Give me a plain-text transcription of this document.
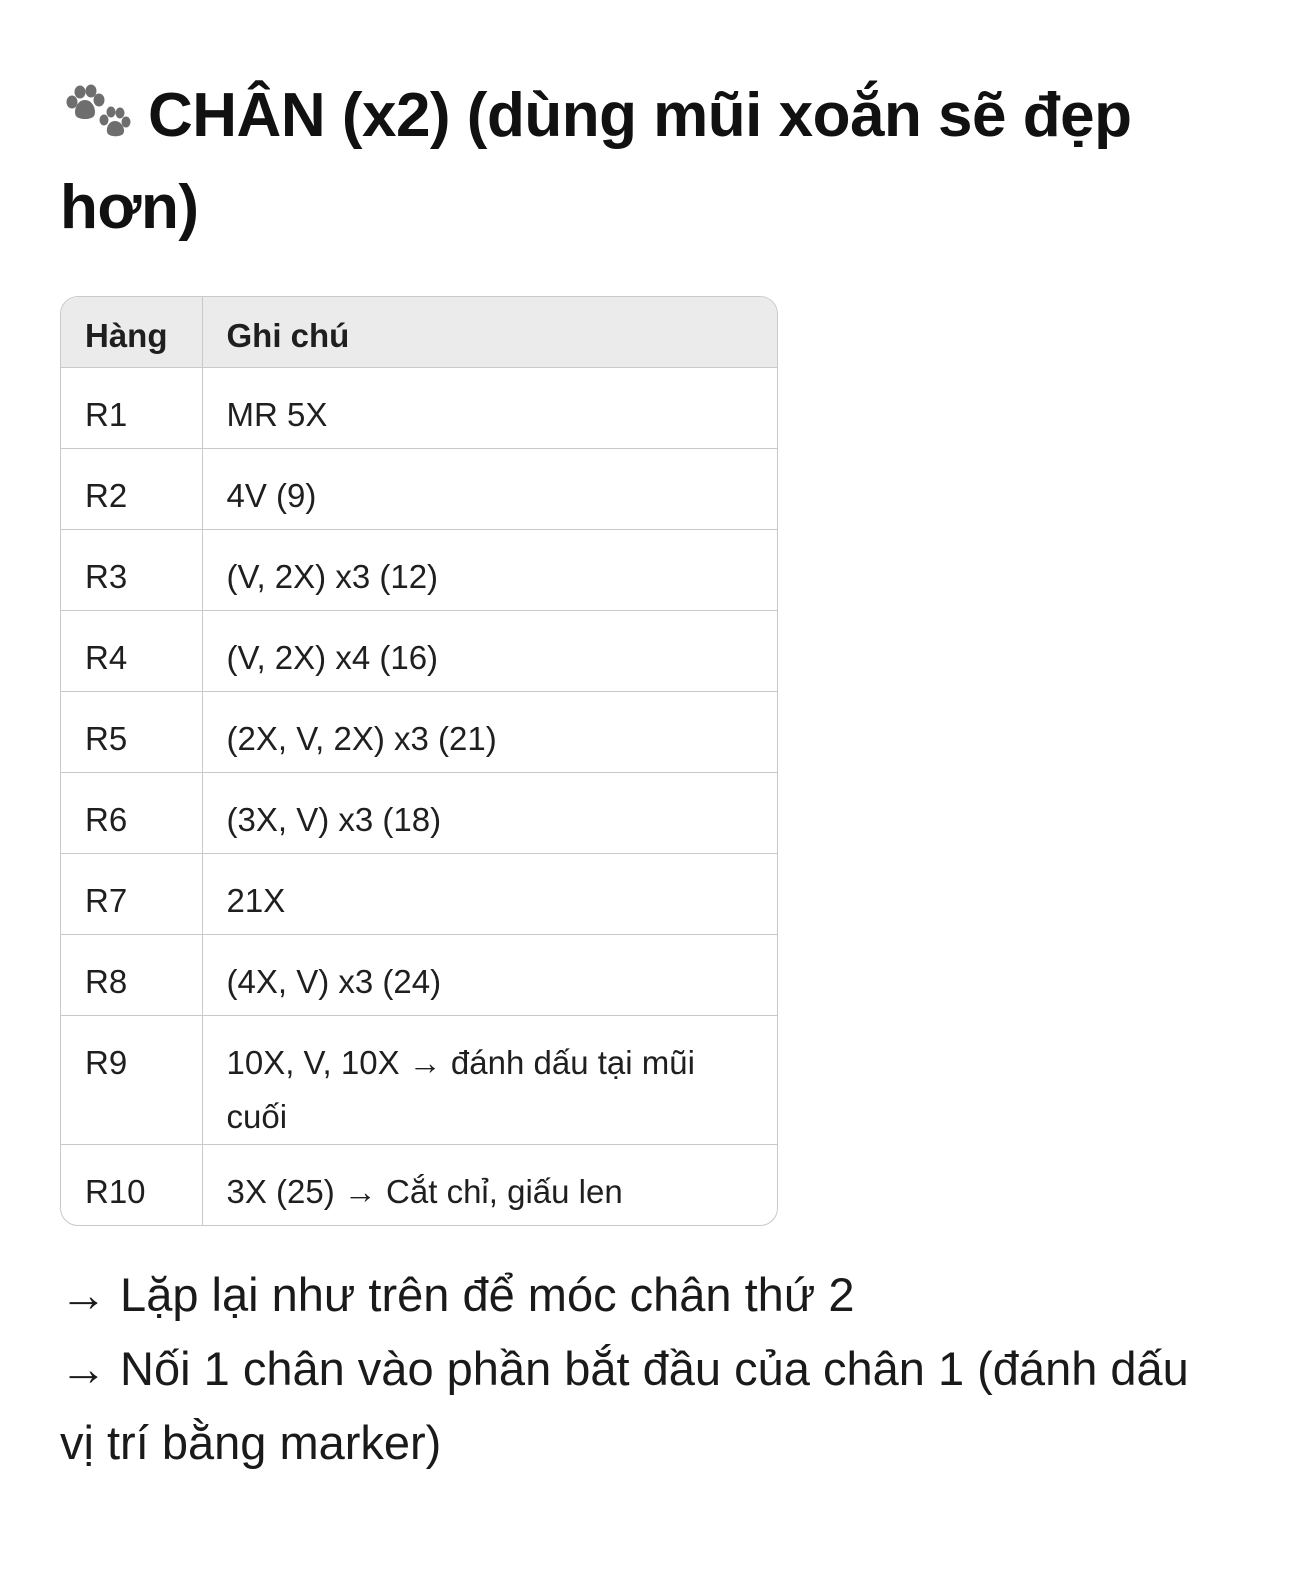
CHÂN (x2) (dùng mũi xoắn sẽ đẹp hơn)
Hàng	Ghi chú
R1	MR 5X
R2	4V (9)
R3	(V, 2X) x3 (12)
R4	(V, 2X) x4 (16)
R5	(2X, V, 2X) x3 (21)
R6	(3X, V) x3 (18)
R7	21X
R8	(4X, V) x3 (24)
R9	10X, V, 10X → đánh dấu tại mũi cuối
R10	3X (25) → Cắt chỉ, giấu len

→ Lặp lại như trên để móc chân thứ 2

→ Nối 1 chân vào phần bắt đầu của chân 1 (đánh dấu vị trí bằng marker)
